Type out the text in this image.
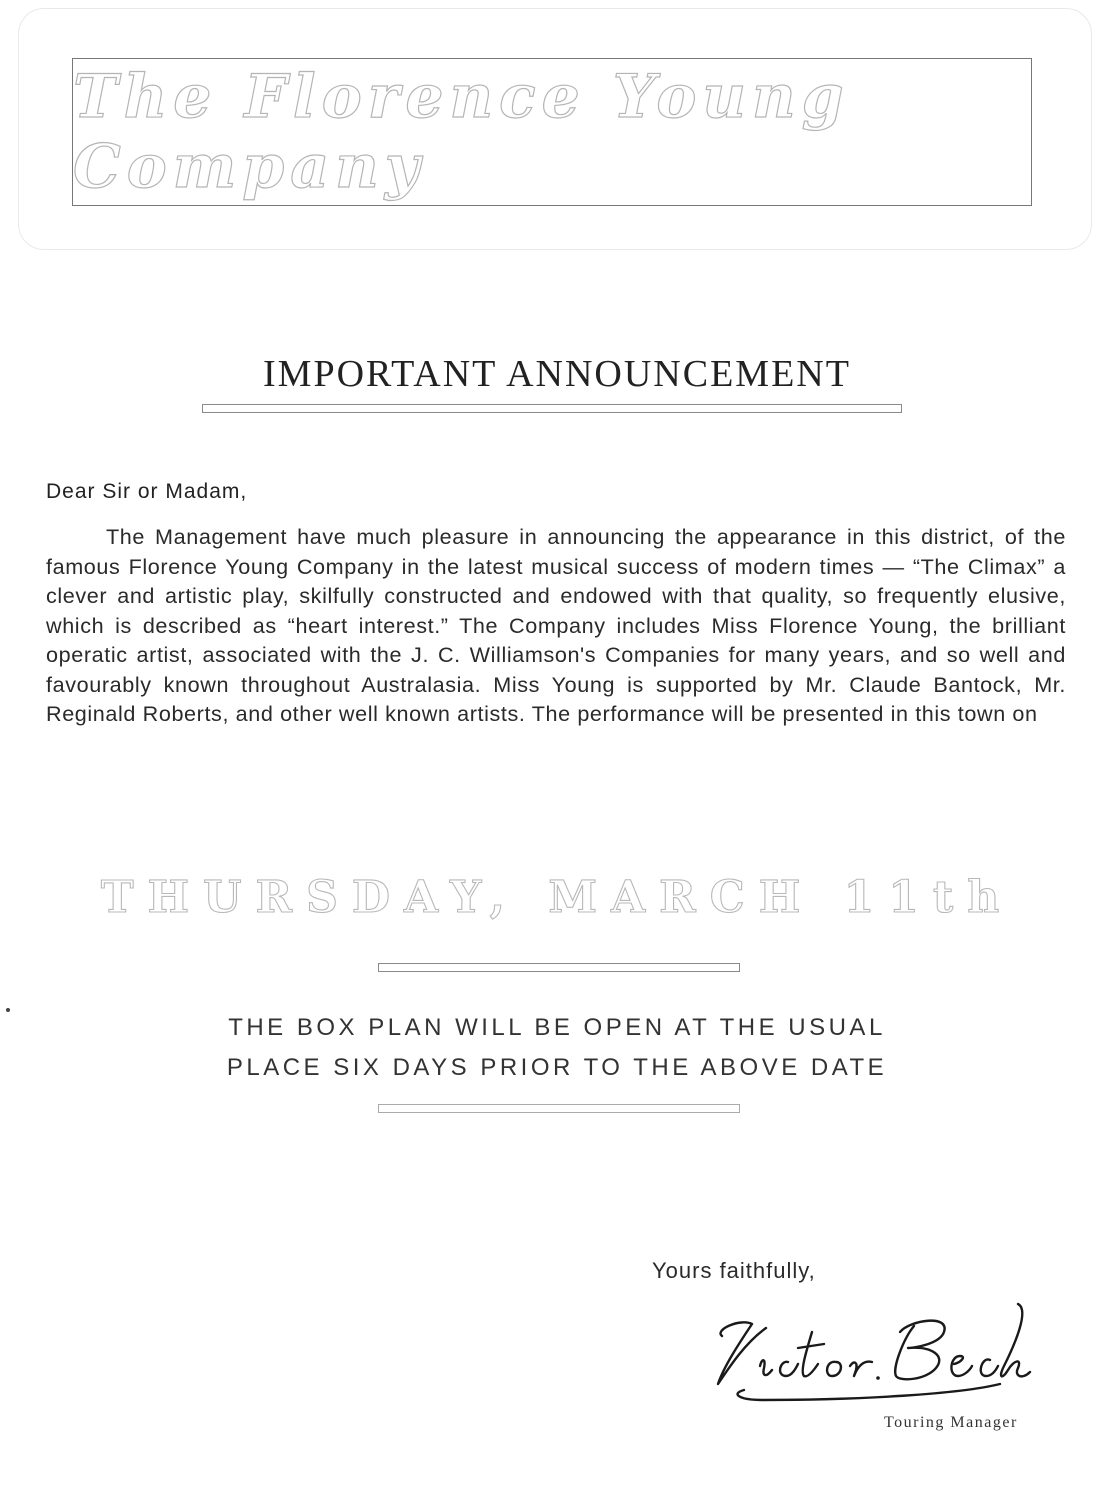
The Florence Young Company
IMPORTANT ANNOUNCEMENT
Dear Sir or Madam,
The Management have much pleasure in announcing the appearance in this district, of the famous Florence Young Company in the latest musical success of modern times — “The Climax” a clever and artistic play, skilfully constructed and endowed with that quality, so frequently elusive, which is described as “heart interest.” The Company includes Miss Florence Young, the brilliant operatic artist, associated with the J. C. Williamson's Companies for many years, and so well and favourably known throughout Australasia. Miss Young is supported by Mr. Claude Bantock, Mr. Reginald Roberts, and other well known artists. The performance will be presented in this town on
THURSDAY, MARCH 11th
THE BOX PLAN WILL BE OPEN AT THE USUAL
PLACE SIX DAYS PRIOR TO THE ABOVE DATE
Yours faithfully,
Touring Manager
